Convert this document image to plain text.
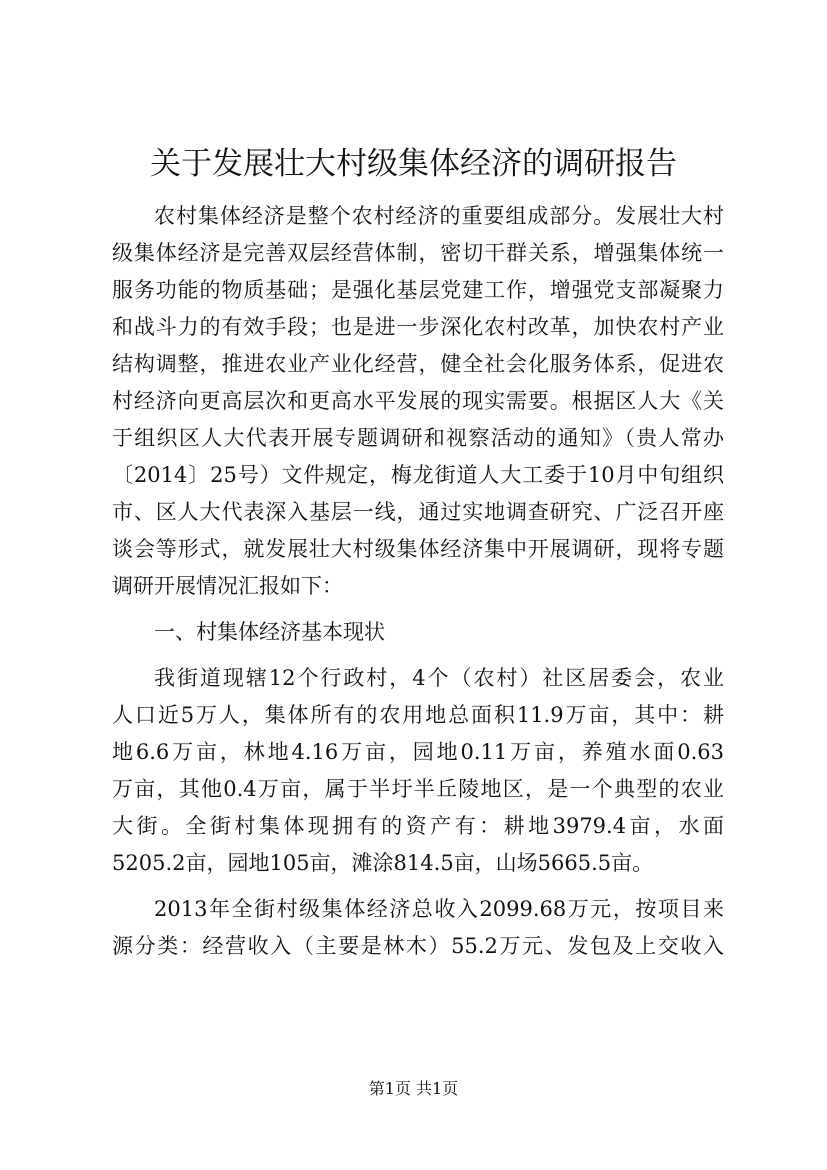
关于发展壮大村级集体经济的调研报告
农村集体经济是整个农村经济的重要组成部分。发展壮大村
级集体经济是完善双层经营体制，密切干群关系，增强集体统一
服务功能的物质基础；是强化基层党建工作，增强党支部凝聚力
和战斗力的有效手段；也是进一步深化农村改革，加快农村产业
结构调整，推进农业产业化经营，健全社会化服务体系，促进农
村经济向更高层次和更高水平发展的现实需要。根据区人大《关
于组织区人大代表开展专题调研和视察活动的通知》（贵人常办
〔2014〕25号）文件规定，梅龙街道人大工委于10月中旬组织
市、区人大代表深入基层一线，通过实地调查研究、广泛召开座
谈会等形式，就发展壮大村级集体经济集中开展调研，现将专题
调研开展情况汇报如下：
一、村集体经济基本现状
我街道现辖12个行政村，4个（农村）社区居委会，农业
人口近5万人，集体所有的农用地总面积11.9万亩，其中：耕
地6.6万亩，林地4.16万亩，园地0.11万亩，养殖水面0.63
万亩，其他0.4万亩，属于半圩半丘陵地区，是一个典型的农业
大街。全街村集体现拥有的资产有：耕地3979.4亩，水面
5205.2亩，园地105亩，滩涂814.5亩，山场5665.5亩。
2013年全街村级集体经济总收入2099.68万元，按项目来
源分类：经营收入（主要是林木）55.2万元、发包及上交收入
第1页 共1页
